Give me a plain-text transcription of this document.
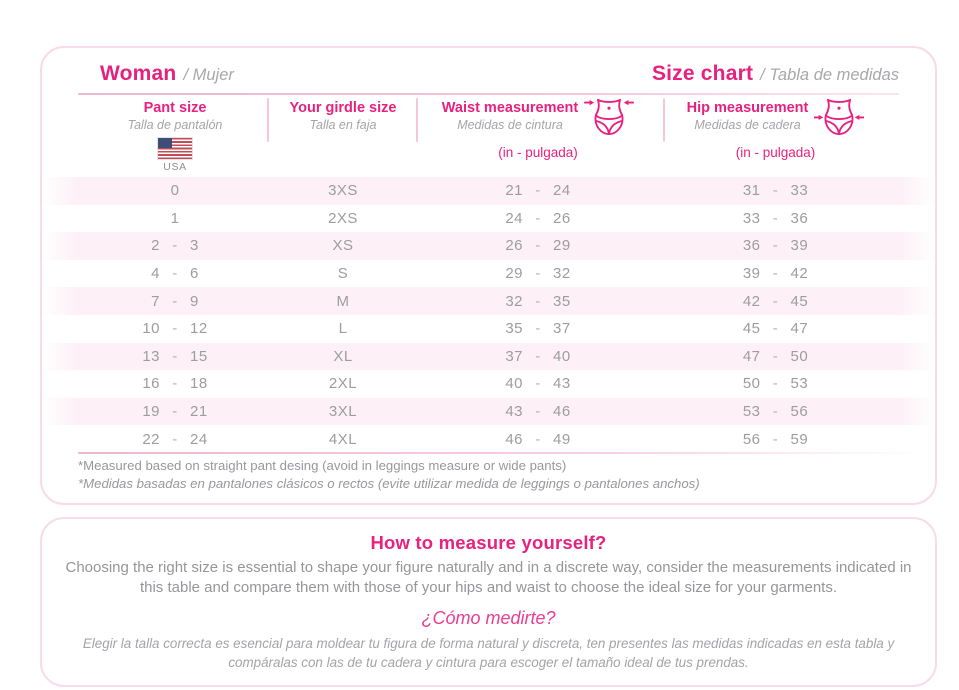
Woman / Mujer	Size chart / Tabla de medidas
Pant size
Talla de pantalón
Your girdle size
Talla en faja
Waist measurement
Medidas de cintura
Hip measurement
Medidas de cadera
(in - pulgada)	(in - pulgada)
USA
0	3XS	21 - 24	31 - 33
1	2XS	24 - 26	33 - 36
2 - 3	XS	26 - 29	36 - 39
4 - 6	S	29 - 32	39 - 42
7 - 9	M	32 - 35	42 - 45
10 - 12	L	35 - 37	45 - 47
13 - 15	XL	37 - 40	47 - 50
16 - 18	2XL	40 - 43	50 - 53
19 - 21	3XL	43 - 46	53 - 56
22 - 24	4XL	46 - 49	56 - 59
*Measured based on straight pant desing (avoid in leggings measure or wide pants)
*Medidas basadas en pantalones clásicos o rectos (evite utilizar medida de leggings o pantalones anchos)
How to measure yourself?
Choosing the right size is essential to shape your figure naturally and in a discrete way, consider the measurements indicated in this table and compare them with those of your hips and waist to choose the ideal size for your garments.
¿Cómo medirte?
Elegir la talla correcta es esencial para moldear tu figura de forma natural y discreta, ten presentes las medidas indicadas en esta tabla y compáralas con las de tu cadera y cintura para escoger el tamaño ideal de tus prendas.
